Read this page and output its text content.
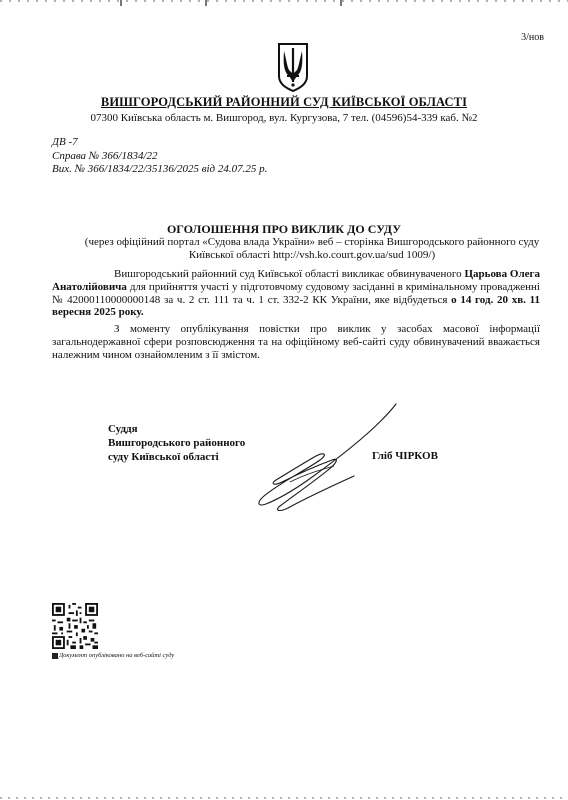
3/нов
ВИШГОРОДСЬКИЙ РАЙОННИЙ СУД КИЇВСЬКОЇ ОБЛАСТІ
07300 Київська область м. Вишгород, вул. Кургузова, 7 тел. (04596)54-339 каб. №2
ДВ -7
Справа № 366/1834/22
Вих. № 366/1834/22/35136/2025 від 24.07.25 р.
ОГОЛОШЕННЯ ПРО ВИКЛИК ДО СУДУ
(через офіційний портал «Судова влада України» веб – сторінка Вишгородського районного суду Київської області http://vsh.ko.court.gov.ua/sud 1009/)

Вишгородський районний суд Київської області викликає обвинуваченого Царьова Олега Анатолійовича для прийняття участі у підготовчому судовому засіданні в кримінальному провадженні № 42000110000000148 за ч. 2 ст. 111 та ч. 1 ст. 332-2 КК України, яке відбудеться о 14 год. 20 хв. 11 вересня 2025 року.

З моменту опублікування повістки про виклик у засобах масової інформації загальнодержавної сфери розповсюдження та на офіційному веб-сайті суду обвинувачений вважається належним чином ознайомленим з її змістом.

Суддя
Вишгородського районного
суду Київської області	Гліб ЧІРКОВ
Документ опубліковано на веб-сайті суду
